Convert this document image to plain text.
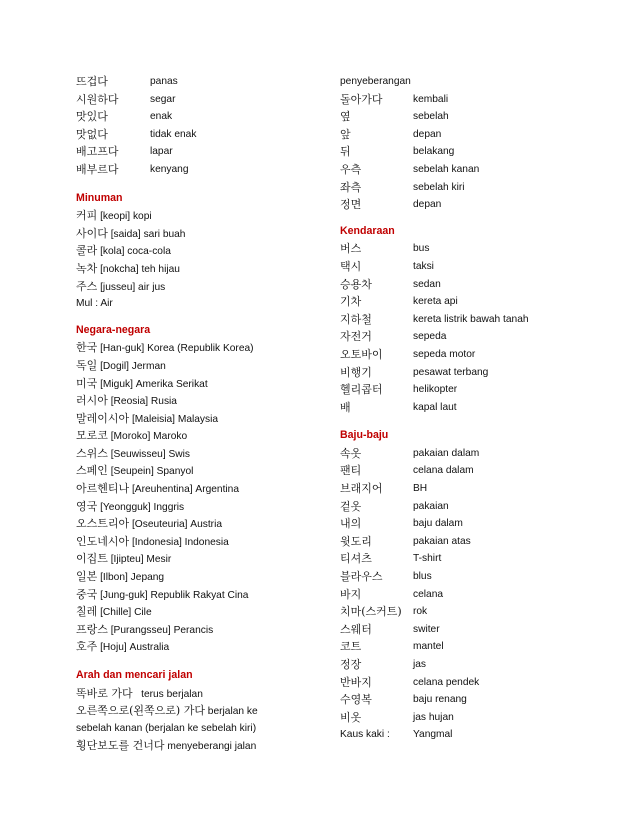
뜨겁다	panas
시원하다	segar
맛있다	enak
맛없다	tidak enak
배고프다	lapar
배부르다	kenyang
Minuman
커피 [keopi] kopi
사이다 [saida] sari buah
콜라 [kola] coca-cola
녹차 [nokcha] teh hijau
주스 [jusseu] air jus
Mul : Air
Negara-negara
한국 [Han-guk] Korea (Republik Korea)
독일 [Dogil] Jerman
미국 [Miguk] Amerika Serikat
러시아 [Reosia] Rusia
말레이시아 [Maleisia] Malaysia
모로코 [Moroko] Maroko
스위스 [Seuwisseu] Swis
스페인 [Seupein] Spanyol
아르헨티나 [Areuhentina] Argentina
영국 [Yeongguk] Inggris
오스트리아 [Oseuteuria] Austria
인도네시아 [Indonesia] Indonesia
이집트 [Ijipteu] Mesir
일본 [Ilbon] Jepang
중국 [Jung-guk] Republik Rakyat Cina
칠레 [Chille] Cile
프랑스 [Purangsseu] Perancis
호주 [Hoju] Australia
Arah dan mencari jalan
똑바로 가다   terus berjalan
오른쪽으로(왼쪽으로) 가다 berjalan ke
sebelah kanan (berjalan ke sebelah kiri)
횡단보도를 건너다 menyeberangi jalan
penyeberangan
돌아가다	kembali
옆	sebelah
앞	depan
뒤	belakang
우측	sebelah kanan
좌측	sebelah kiri
정면	depan
Kendaraan
버스	bus
택시	taksi
승용차	sedan
기차	kereta api
지하철	kereta listrik bawah tanah
자전거	sepeda
오토바이	sepeda motor
비행기	pesawat terbang
헬리콥터	helikopter
배	kapal laut
Baju-baju
속옷	pakaian dalam
팬티	celana dalam
브래지어	BH
겉옷	pakaian
내의	baju dalam
윗도리	pakaian atas
티셔츠	T-shirt
블라우스	blus
바지	celana
치마(스커트) rok
스웨터	switer
코트	mantel
정장	jas
반바지	celana pendek
수영복	baju renang
비옷	jas hujan
Kaus kaki : Yangmal
